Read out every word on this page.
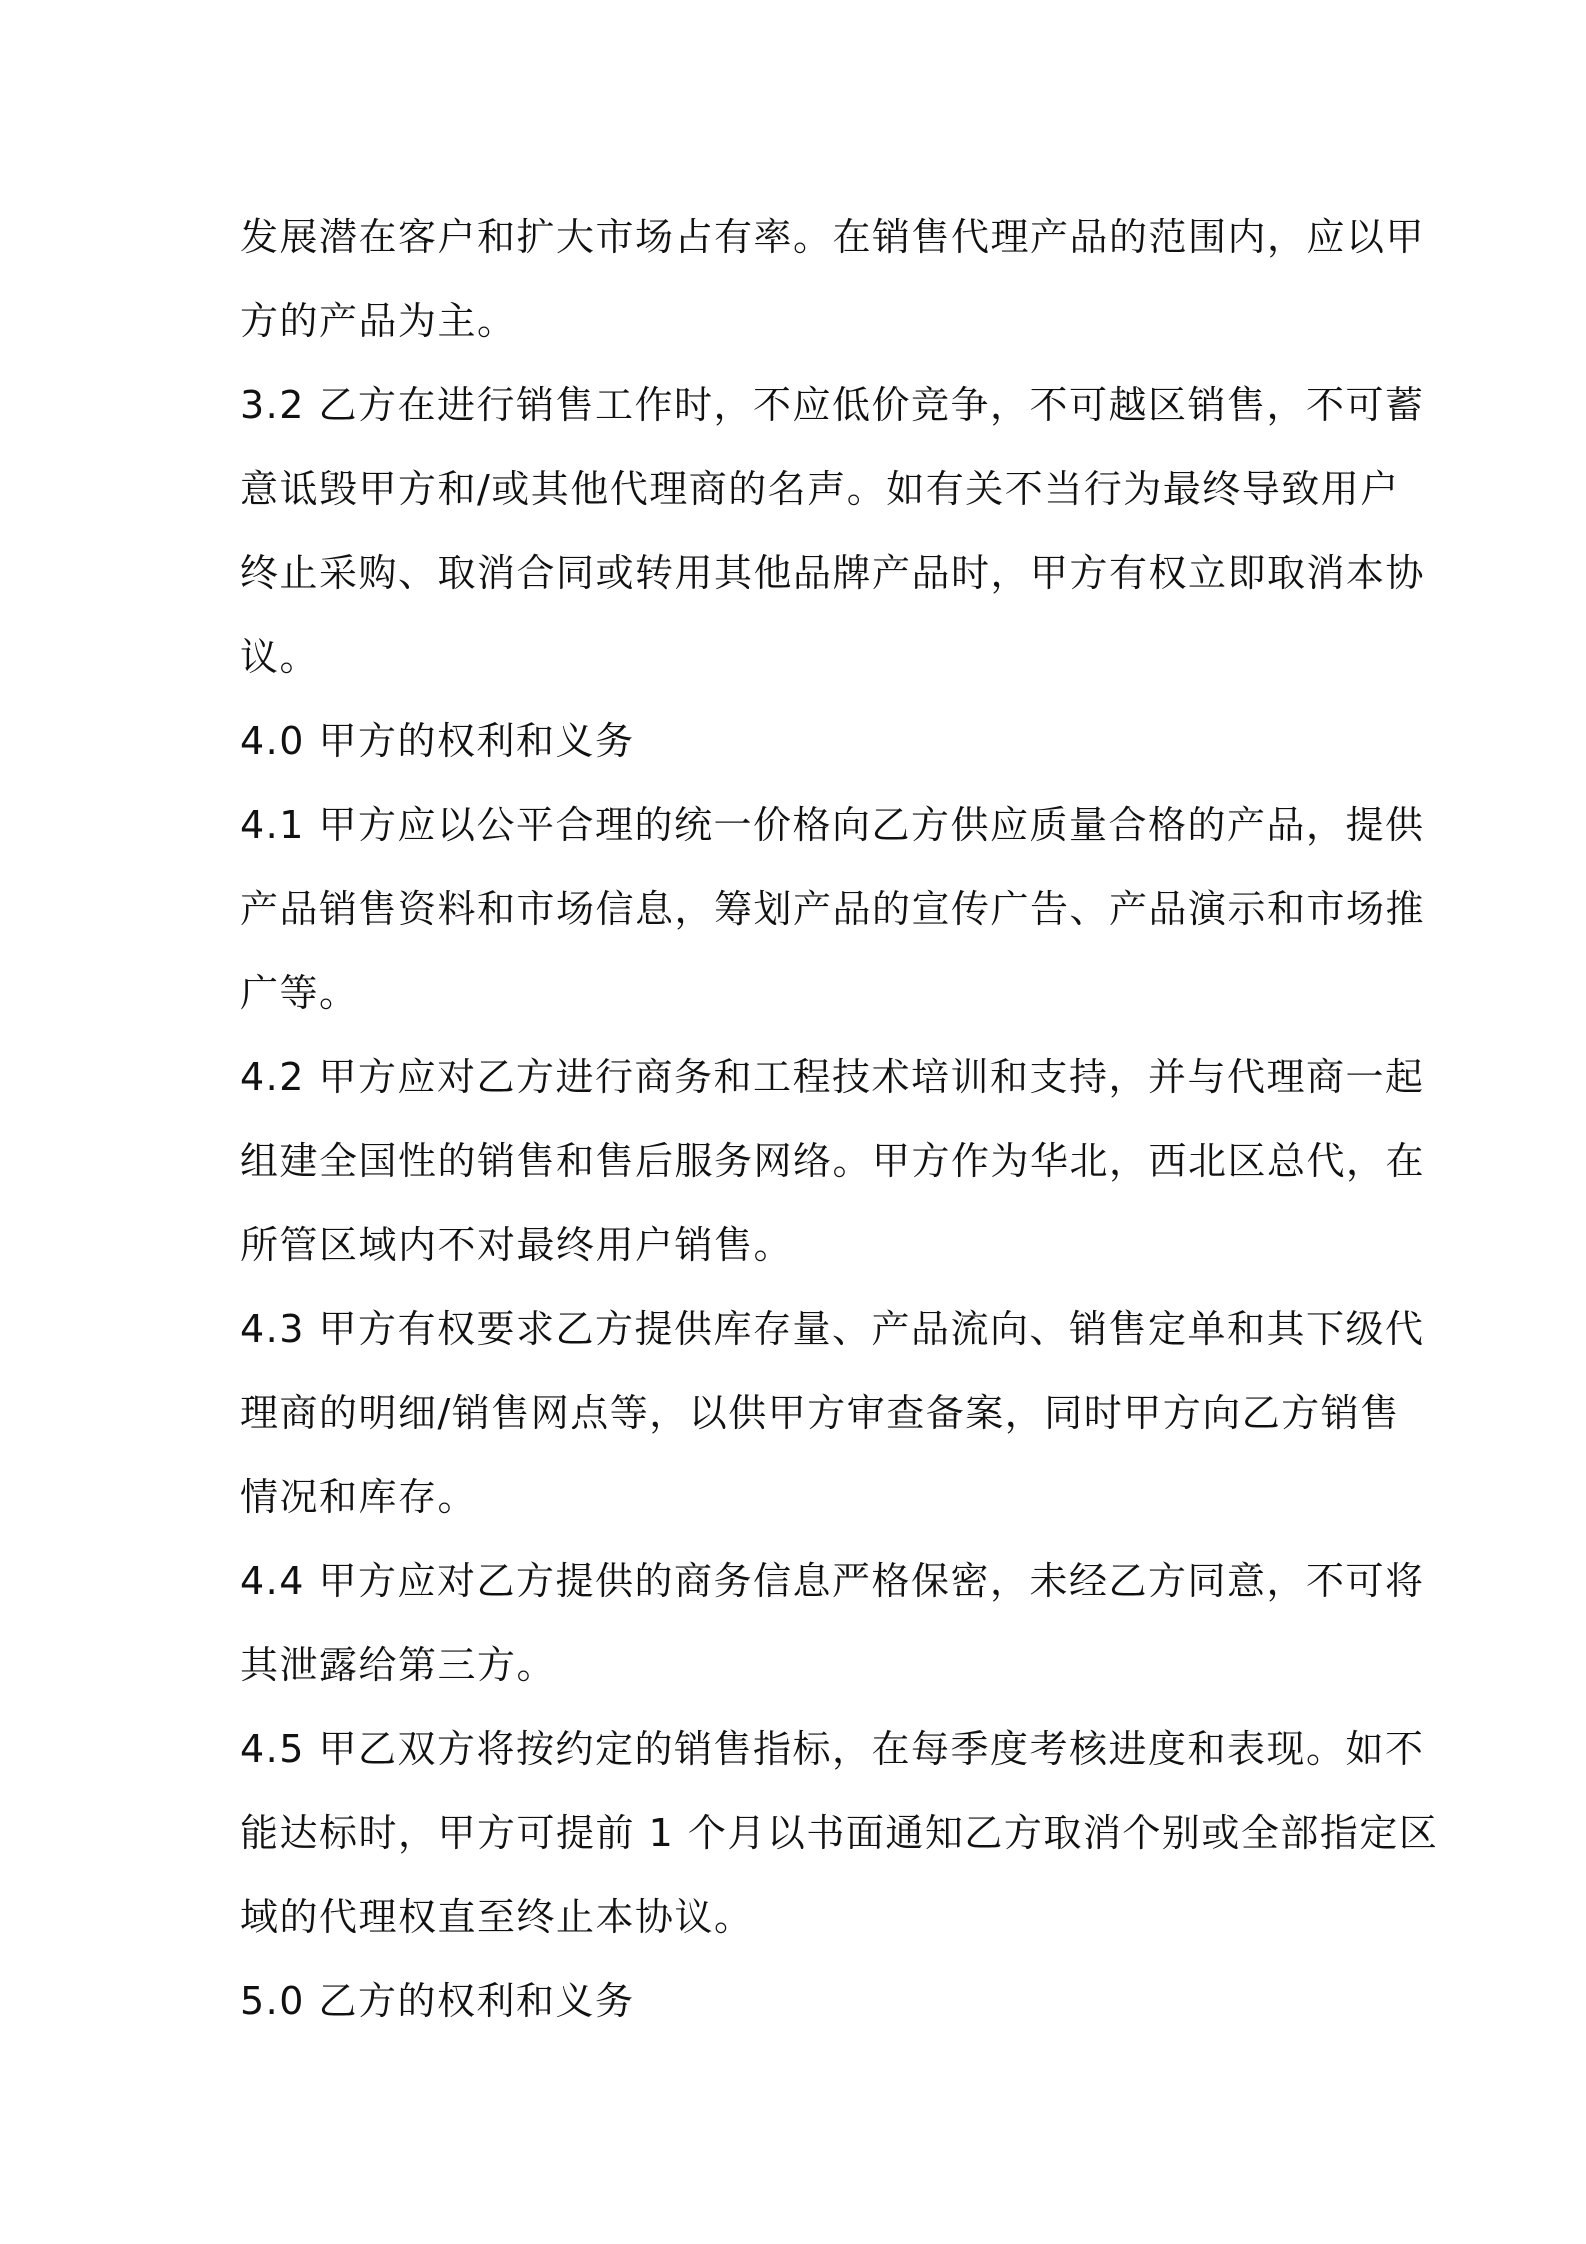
发展潜在客户和扩大市场占有率。在销售代理产品的范围内，应以甲
方的产品为主。
3.2 乙方在进行销售工作时，不应低价竞争，不可越区销售，不可蓄
意诋毁甲方和/或其他代理商的名声。如有关不当行为最终导致用户
终止采购、取消合同或转用其他品牌产品时，甲方有权立即取消本协
议。
4.0 甲方的权利和义务
4.1 甲方应以公平合理的统一价格向乙方供应质量合格的产品，提供
产品销售资料和市场信息，筹划产品的宣传广告、产品演示和市场推
广等。
4.2 甲方应对乙方进行商务和工程技术培训和支持，并与代理商一起
组建全国性的销售和售后服务网络。甲方作为华北，西北区总代，在
所管区域内不对最终用户销售。
4.3 甲方有权要求乙方提供库存量、产品流向、销售定单和其下级代
理商的明细/销售网点等，以供甲方审查备案，同时甲方向乙方销售
情况和库存。
4.4 甲方应对乙方提供的商务信息严格保密，未经乙方同意，不可将
其泄露给第三方。
4.5 甲乙双方将按约定的销售指标，在每季度考核进度和表现。如不
能达标时，甲方可提前 1 个月以书面通知乙方取消个别或全部指定区
域的代理权直至终止本协议。
5.0 乙方的权利和义务
